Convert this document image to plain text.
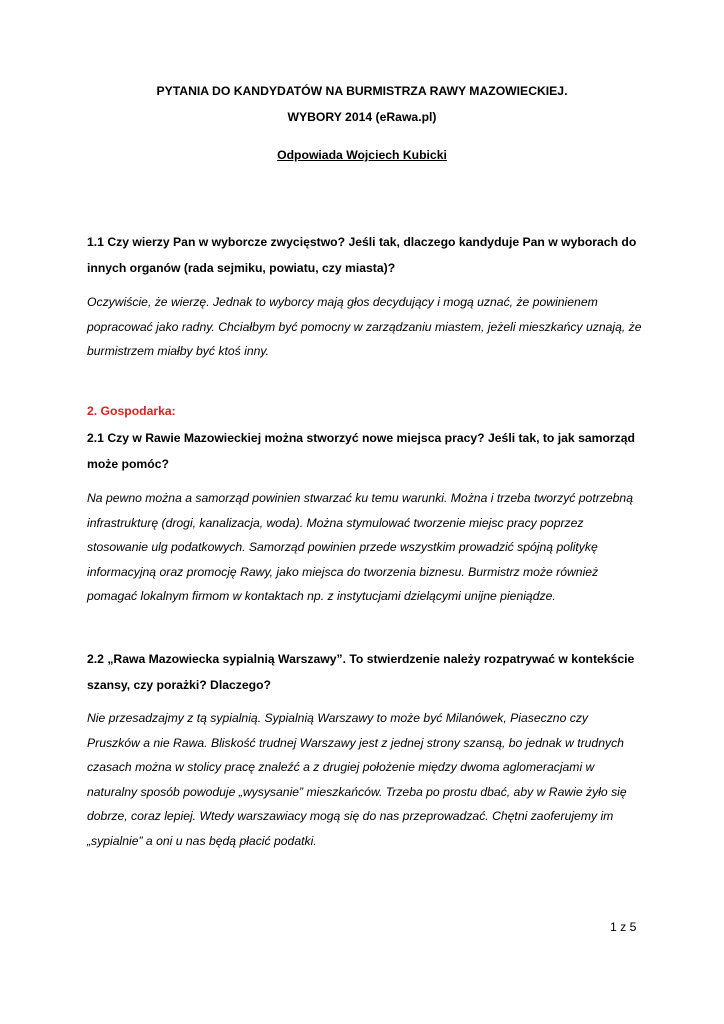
PYTANIA DO KANDYDATÓW NA BURMISTRZA RAWY MAZOWIECKIEJ.
WYBORY 2014 (eRawa.pl)
Odpowiada Wojciech Kubicki
1.1 Czy wierzy Pan w wyborcze zwycięstwo? Jeśli tak, dlaczego kandyduje Pan w wyborach do
innych organów (rada sejmiku, powiatu, czy miasta)?
Oczywiście, że wierzę. Jednak to wyborcy mają głos decydujący i mogą uznać, że powinienem
popracować jako radny. Chciałbym być pomocny w zarządzaniu miastem, jeżeli mieszkańcy uznają, że
burmistrzem miałby być ktoś inny.
2. Gospodarka:
2.1 Czy w Rawie Mazowieckiej można stworzyć nowe miejsca pracy? Jeśli tak, to jak samorząd
może pomóc?
Na pewno można a samorząd powinien stwarzać ku temu warunki. Można i trzeba tworzyć potrzebną
infrastrukturę (drogi, kanalizacja, woda). Można stymulować tworzenie miejsc pracy poprzez
stosowanie ulg podatkowych. Samorząd powinien przede wszystkim prowadzić spójną politykę
informacyjną oraz promocję Rawy, jako miejsca do tworzenia biznesu. Burmistrz może również
pomagać lokalnym firmom w kontaktach np. z instytucjami dzielącymi unijne pieniądze.
2.2 „Rawa Mazowiecka sypialnią Warszawy”. To stwierdzenie należy rozpatrywać w kontekście
szansy, czy porażki? Dlaczego?
Nie przesadzajmy z tą sypialnią. Sypialnią Warszawy to może być Milanówek, Piaseczno czy
Pruszków a nie Rawa. Bliskość trudnej Warszawy jest z jednej strony szansą, bo jednak w trudnych
czasach można w stolicy pracę znaleźć a z drugiej położenie między dwoma aglomeracjami w
naturalny sposób powoduje „wysysanie” mieszkańców. Trzeba po prostu dbać, aby w Rawie żyło się
dobrze, coraz lepiej. Wtedy warszawiacy mogą się do nas przeprowadzać. Chętni zaoferujemy im
„sypialnie” a oni u nas będą płacić podatki.
1 z 5
